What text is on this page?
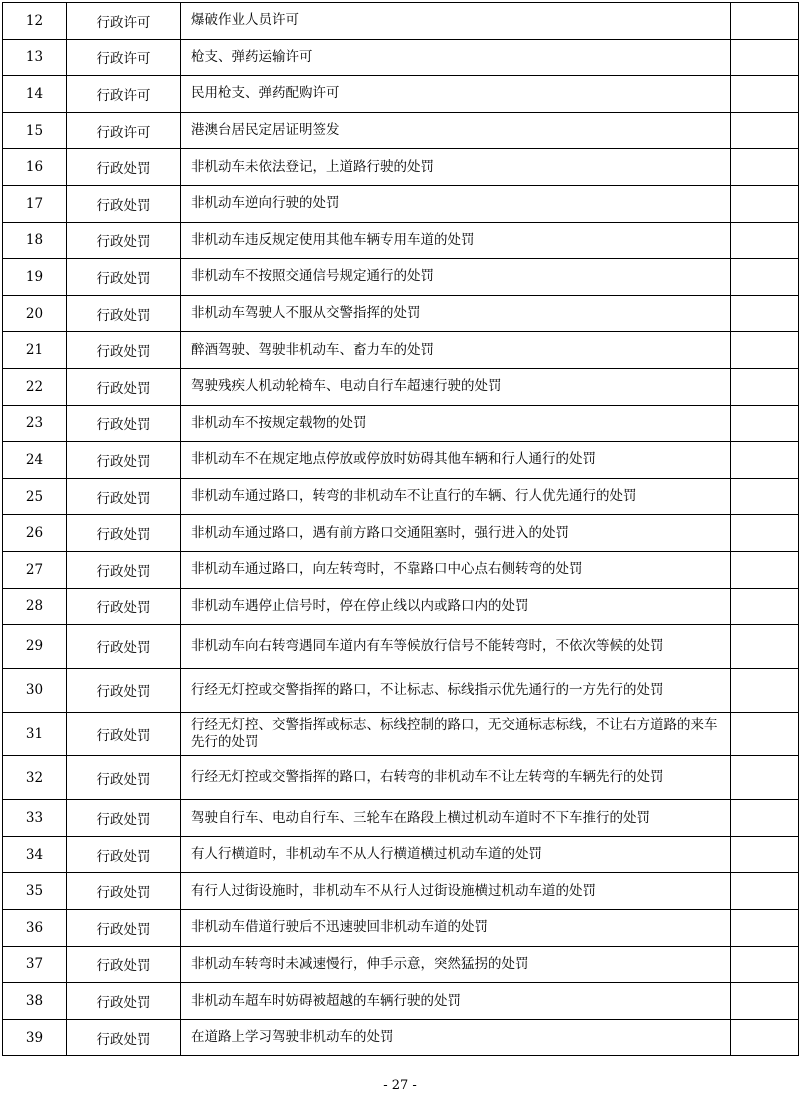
12	行政许可	爆破作业人员许可	
13	行政许可	枪支、弹药运输许可	
14	行政许可	民用枪支、弹药配购许可	
15	行政许可	港澳台居民定居证明签发	
16	行政处罚	非机动车未依法登记，上道路行驶的处罚	
17	行政处罚	非机动车逆向行驶的处罚	
18	行政处罚	非机动车违反规定使用其他车辆专用车道的处罚	
19	行政处罚	非机动车不按照交通信号规定通行的处罚	
20	行政处罚	非机动车驾驶人不服从交警指挥的处罚	
21	行政处罚	醉酒驾驶、驾驶非机动车、畜力车的处罚	
22	行政处罚	驾驶残疾人机动轮椅车、电动自行车超速行驶的处罚	
23	行政处罚	非机动车不按规定载物的处罚	
24	行政处罚	非机动车不在规定地点停放或停放时妨碍其他车辆和行人通行的处罚	
25	行政处罚	非机动车通过路口，转弯的非机动车不让直行的车辆、行人优先通行的处罚	
26	行政处罚	非机动车通过路口，遇有前方路口交通阻塞时，强行进入的处罚	
27	行政处罚	非机动车通过路口，向左转弯时，不靠路口中心点右侧转弯的处罚	
28	行政处罚	非机动车遇停止信号时，停在停止线以内或路口内的处罚	
29	行政处罚	非机动车向右转弯遇同车道内有车等候放行信号不能转弯时，不依次等候的处罚	
30	行政处罚	行经无灯控或交警指挥的路口，不让标志、标线指示优先通行的一方先行的处罚	
31	行政处罚	行经无灯控、交警指挥或标志、标线控制的路口，无交通标志标线，不让右方道路的来车先行的处罚	
32	行政处罚	行经无灯控或交警指挥的路口，右转弯的非机动车不让左转弯的车辆先行的处罚	
33	行政处罚	驾驶自行车、电动自行车、三轮车在路段上横过机动车道时不下车推行的处罚	
34	行政处罚	有人行横道时，非机动车不从人行横道横过机动车道的处罚	
35	行政处罚	有行人过街设施时，非机动车不从行人过街设施横过机动车道的处罚	
36	行政处罚	非机动车借道行驶后不迅速驶回非机动车道的处罚	
37	行政处罚	非机动车转弯时未减速慢行，伸手示意，突然猛拐的处罚	
38	行政处罚	非机动车超车时妨碍被超越的车辆行驶的处罚	
39	行政处罚	在道路上学习驾驶非机动车的处罚	
- 27 -
